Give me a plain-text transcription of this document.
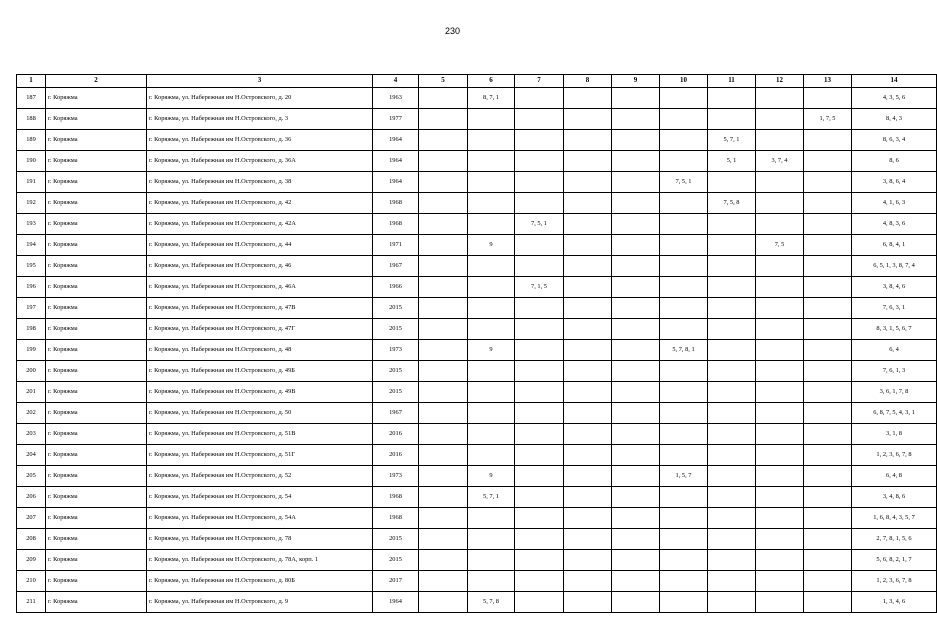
230
1	2	3	4	5	6	7	8	9	10	11	12	13	14
187	г. Коряжма	г. Коряжма, ул. Набережная им Н.Островского, д. 20	1963		8, 7, 1								4, 3, 5, 6
188	г. Коряжма	г. Коряжма, ул. Набережная им Н.Островского, д. 3	1977									1, 7, 5	8, 4, 3
189	г. Коряжма	г. Коряжма, ул. Набережная им Н.Островского, д. 36	1964							5, 7, 1			8, 6, 3, 4
190	г. Коряжма	г. Коряжма, ул. Набережная им Н.Островского, д. 36А	1964							5, 1	3, 7, 4		8, 6
191	г. Коряжма	г. Коряжма, ул. Набережная им Н.Островского, д. 38	1964						7, 5, 1				3, 8, 6, 4
192	г. Коряжма	г. Коряжма, ул. Набережная им Н.Островского, д. 42	1968							7, 5, 8			4, 1, 6, 3
193	г. Коряжма	г. Коряжма, ул. Набережная им Н.Островского, д. 42А	1968			7, 5, 1							4, 8, 3, 6
194	г. Коряжма	г. Коряжма, ул. Набережная им Н.Островского, д. 44	1971		9						7, 5		6, 8, 4, 1
195	г. Коряжма	г. Коряжма, ул. Набережная им Н.Островского, д. 46	1967										6, 5, 1, 3, 8, 7, 4
196	г. Коряжма	г. Коряжма, ул. Набережная им Н.Островского, д. 46А	1966			7, 1, 5							3, 8, 4, 6
197	г. Коряжма	г. Коряжма, ул. Набережная им Н.Островского, д. 47В	2015										7, 6, 3, 1
198	г. Коряжма	г. Коряжма, ул. Набережная им Н.Островского, д. 47Г	2015										8, 3, 1, 5, 6, 7
199	г. Коряжма	г. Коряжма, ул. Набережная им Н.Островского, д. 48	1973		9				5, 7, 8, 1				6, 4
200	г. Коряжма	г. Коряжма, ул. Набережная им Н.Островского, д. 49Б	2015										7, 6, 1, 3
201	г. Коряжма	г. Коряжма, ул. Набережная им Н.Островского, д. 49В	2015										3, 6, 1, 7, 8
202	г. Коряжма	г. Коряжма, ул. Набережная им Н.Островского, д. 50	1967										6, 8, 7, 5, 4, 3, 1
203	г. Коряжма	г. Коряжма, ул. Набережная им Н.Островского, д. 51В	2016										3, 1, 8
204	г. Коряжма	г. Коряжма, ул. Набережная им Н.Островского, д. 51Г	2016										1, 2, 3, 6, 7, 8
205	г. Коряжма	г. Коряжма, ул. Набережная им Н.Островского, д. 52	1973		9				1, 5, 7				6, 4, 8
206	г. Коряжма	г. Коряжма, ул. Набережная им Н.Островского, д. 54	1968		5, 7, 1								3, 4, 8, 6
207	г. Коряжма	г. Коряжма, ул. Набережная им Н.Островского, д. 54А	1968										1, 6, 8, 4, 3, 5, 7
208	г. Коряжма	г. Коряжма, ул. Набережная им Н.Островского, д. 78	2015										2, 7, 8, 1, 5, 6
209	г. Коряжма	г. Коряжма, ул. Набережная им Н.Островского, д. 78А, корп. 1	2015										5, 6, 8, 2, 1, 7
210	г. Коряжма	г. Коряжма, ул. Набережная им Н.Островского, д. 80Б	2017										1, 2, 3, 6, 7, 8
211	г. Коряжма	г. Коряжма, ул. Набережная им Н.Островского, д. 9	1964		5, 7, 8								1, 3, 4, 6
